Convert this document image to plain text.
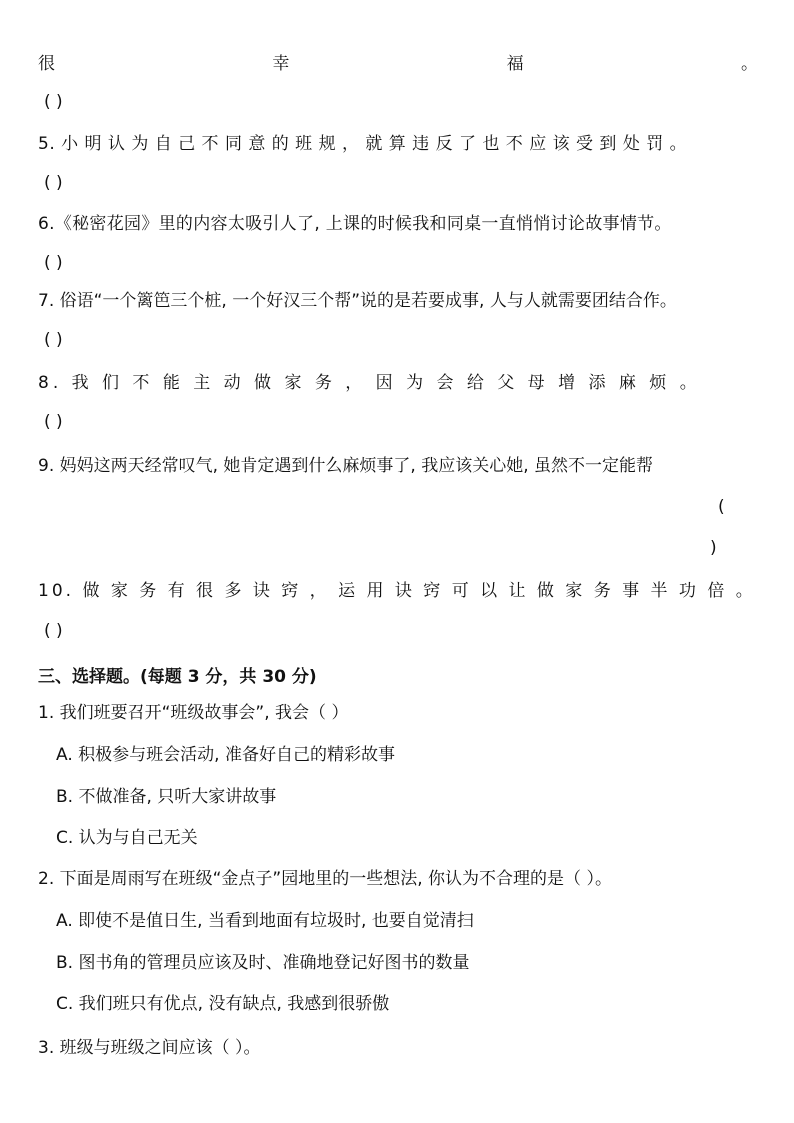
很	幸	福	。
( )
5. 小 明 认 为 自 己 不 同 意 的 班 规 ， 就 算 违 反 了 也 不 应 该 受 到 处 罚 。
( )
6.《秘密花园》里的内容太吸引人了, 上课的时候我和同桌一直悄悄讨论故事情节。
( )
7. 俗语“一个篱笆三个桩, 一个好汉三个帮”说的是若要成事, 人与人就需要团结合作。
( )
8. 我 们 不 能 主 动 做 家 务 ， 因 为 会 给 父 母 增 添 麻 烦 。
( )
9. 妈妈这两天经常叹气, 她肯定遇到什么麻烦事了, 我应该关心她, 虽然不一定能帮
(
)
10. 做 家 务 有 很 多 诀 窍 ， 运 用 诀 窍 可 以 让 做 家 务 事 半 功 倍 。
( )
三、选择题。(每题 3 分，共 30 分)
1. 我们班要召开“班级故事会”, 我会（ ）
A. 积极参与班会活动, 准备好自己的精彩故事
B. 不做准备, 只听大家讲故事
C. 认为与自己无关
2. 下面是周雨写在班级“金点子”园地里的一些想法, 你认为不合理的是（ ）。
A. 即使不是值日生, 当看到地面有垃圾时, 也要自觉清扫
B. 图书角的管理员应该及时、准确地登记好图书的数量
C. 我们班只有优点, 没有缺点, 我感到很骄傲
3. 班级与班级之间应该（ ）。
